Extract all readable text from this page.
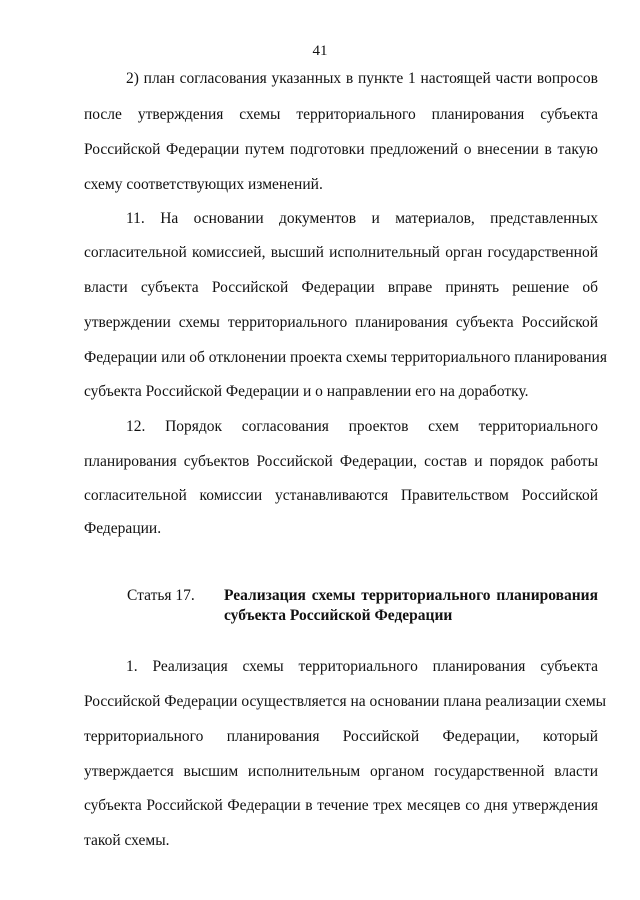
41
2) план согласования указанных в пункте 1 настоящей части вопросов
после утверждения схемы территориального планирования субъекта
Российской Федерации путем подготовки предложений о внесении в такую
схему соответствующих изменений.
11. На основании документов и материалов, представленных
согласительной комиссией, высший исполнительный орган государственной
власти субъекта Российской Федерации вправе принять решение об
утверждении схемы территориального планирования субъекта Российской
Федерации или об отклонении проекта схемы территориального планирования
субъекта Российской Федерации и о направлении его на доработку.
12. Порядок согласования проектов схем территориального
планирования субъектов Российской Федерации, состав и порядок работы
согласительной комиссии устанавливаются Правительством Российской
Федерации.
Статья 17. Реализация схемы территориального планирования
субъекта Российской Федерации
1. Реализация схемы территориального планирования субъекта
Российской Федерации осуществляется на основании плана реализации схемы
территориального планирования Российской Федерации, который
утверждается высшим исполнительным органом государственной власти
субъекта Российской Федерации в течение трех месяцев со дня утверждения
такой схемы.
